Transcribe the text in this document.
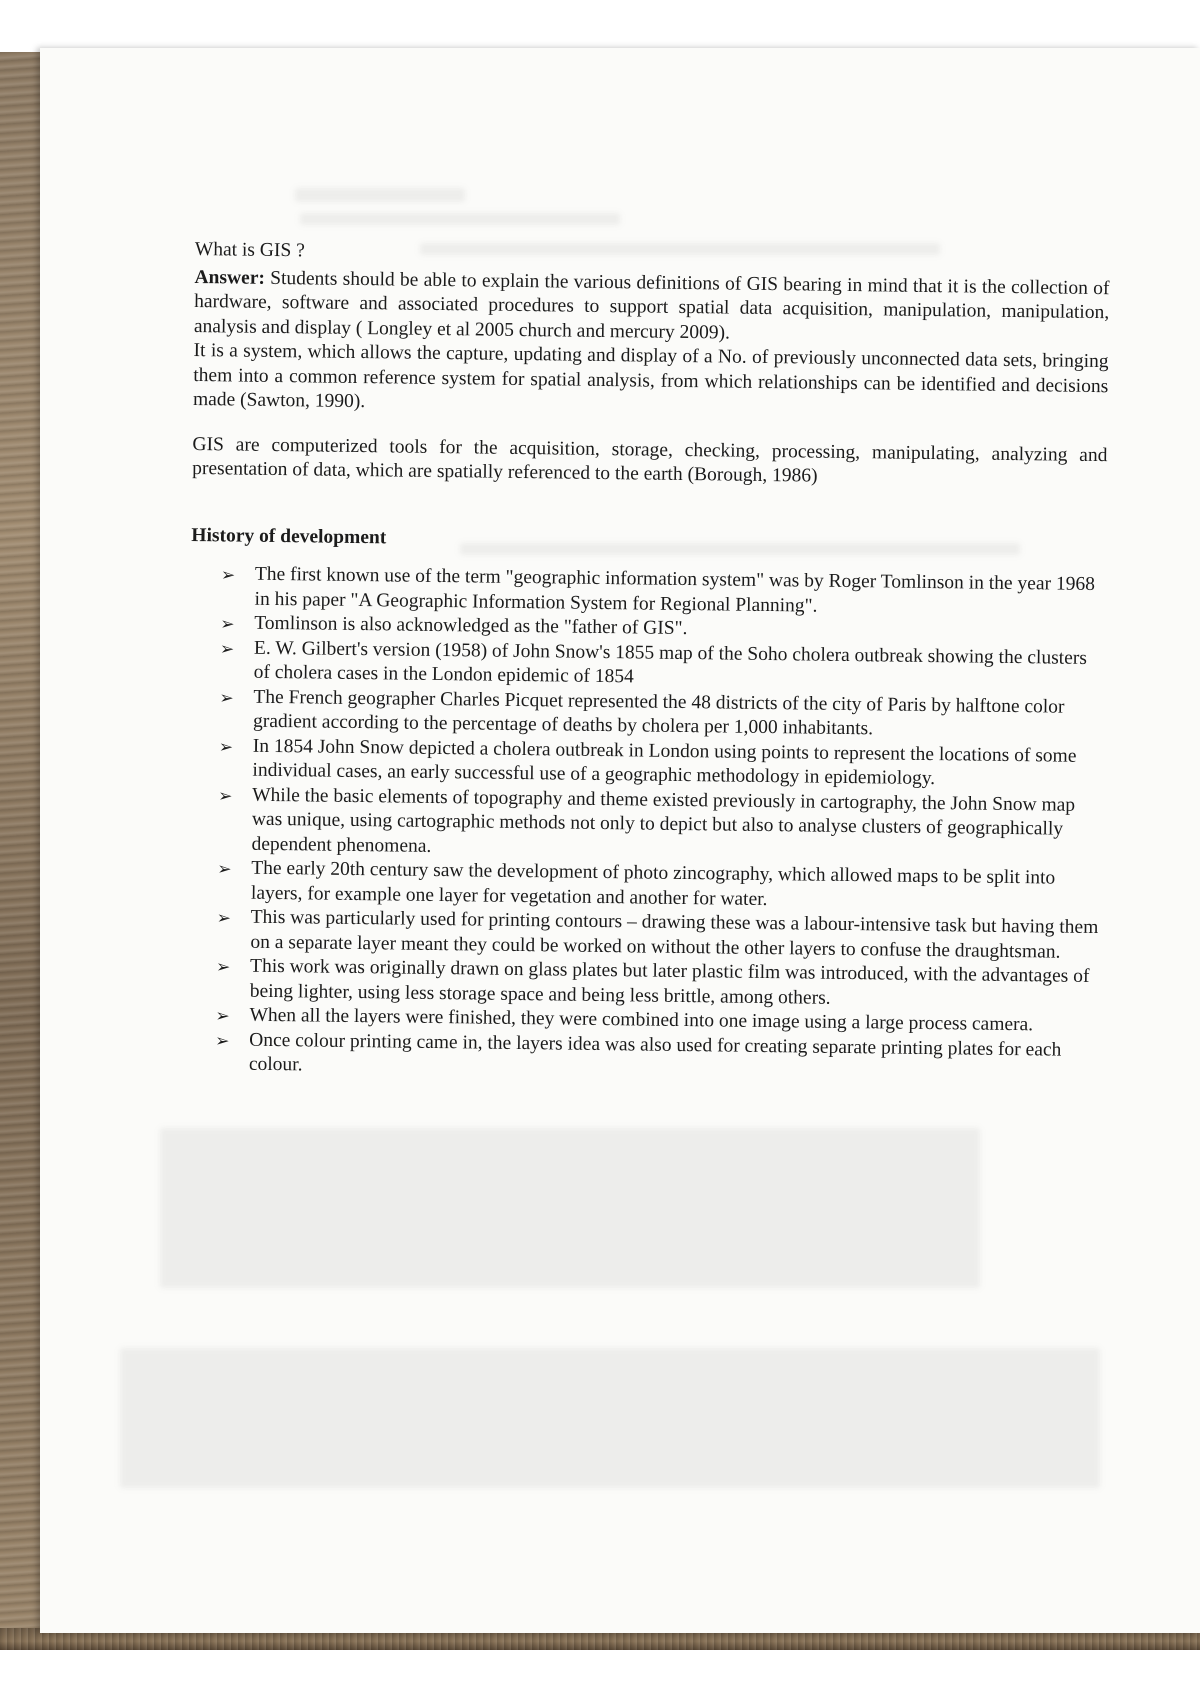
What is GIS ?

Answer: Students should be able to explain the various definitions of GIS bearing in mind that it is the collection of hardware, software and associated procedures to support spatial data acquisition, manipulation, manipulation, analysis and display ( Longley et al 2005 church and mercury 2009).

It is a system, which allows the capture, updating and display of a No. of previously unconnected data sets, bringing them into a common reference system for spatial analysis, from which relationships can be identified and decisions made (Sawton, 1990).

GIS are computerized tools for the acquisition, storage, checking, processing, manipulating, analyzing and presentation of data, which are spatially referenced to the earth (Borough, 1986)

History of development

➢ The first known use of the term "geographic information system" was by Roger Tomlinson in the year 1968 in his paper "A Geographic Information System for Regional Planning".
➢ Tomlinson is also acknowledged as the "father of GIS".
➢ E. W. Gilbert's version (1958) of John Snow's 1855 map of the Soho cholera outbreak showing the clusters of cholera cases in the London epidemic of 1854
➢ The French geographer Charles Picquet represented the 48 districts of the city of Paris by halftone color gradient according to the percentage of deaths by cholera per 1,000 inhabitants.
➢ In 1854 John Snow depicted a cholera outbreak in London using points to represent the locations of some individual cases, an early successful use of a geographic methodology in epidemiology.
➢ While the basic elements of topography and theme existed previously in cartography, the John Snow map was unique, using cartographic methods not only to depict but also to analyse clusters of geographically dependent phenomena.
➢ The early 20th century saw the development of photo zincography, which allowed maps to be split into layers, for example one layer for vegetation and another for water.
➢ This was particularly used for printing contours – drawing these was a labour-intensive task but having them on a separate layer meant they could be worked on without the other layers to confuse the draughtsman.
➢ This work was originally drawn on glass plates but later plastic film was introduced, with the advantages of being lighter, using less storage space and being less brittle, among others.
➢ When all the layers were finished, they were combined into one image using a large process camera.
➢ Once colour printing came in, the layers idea was also used for creating separate printing plates for each colour.
